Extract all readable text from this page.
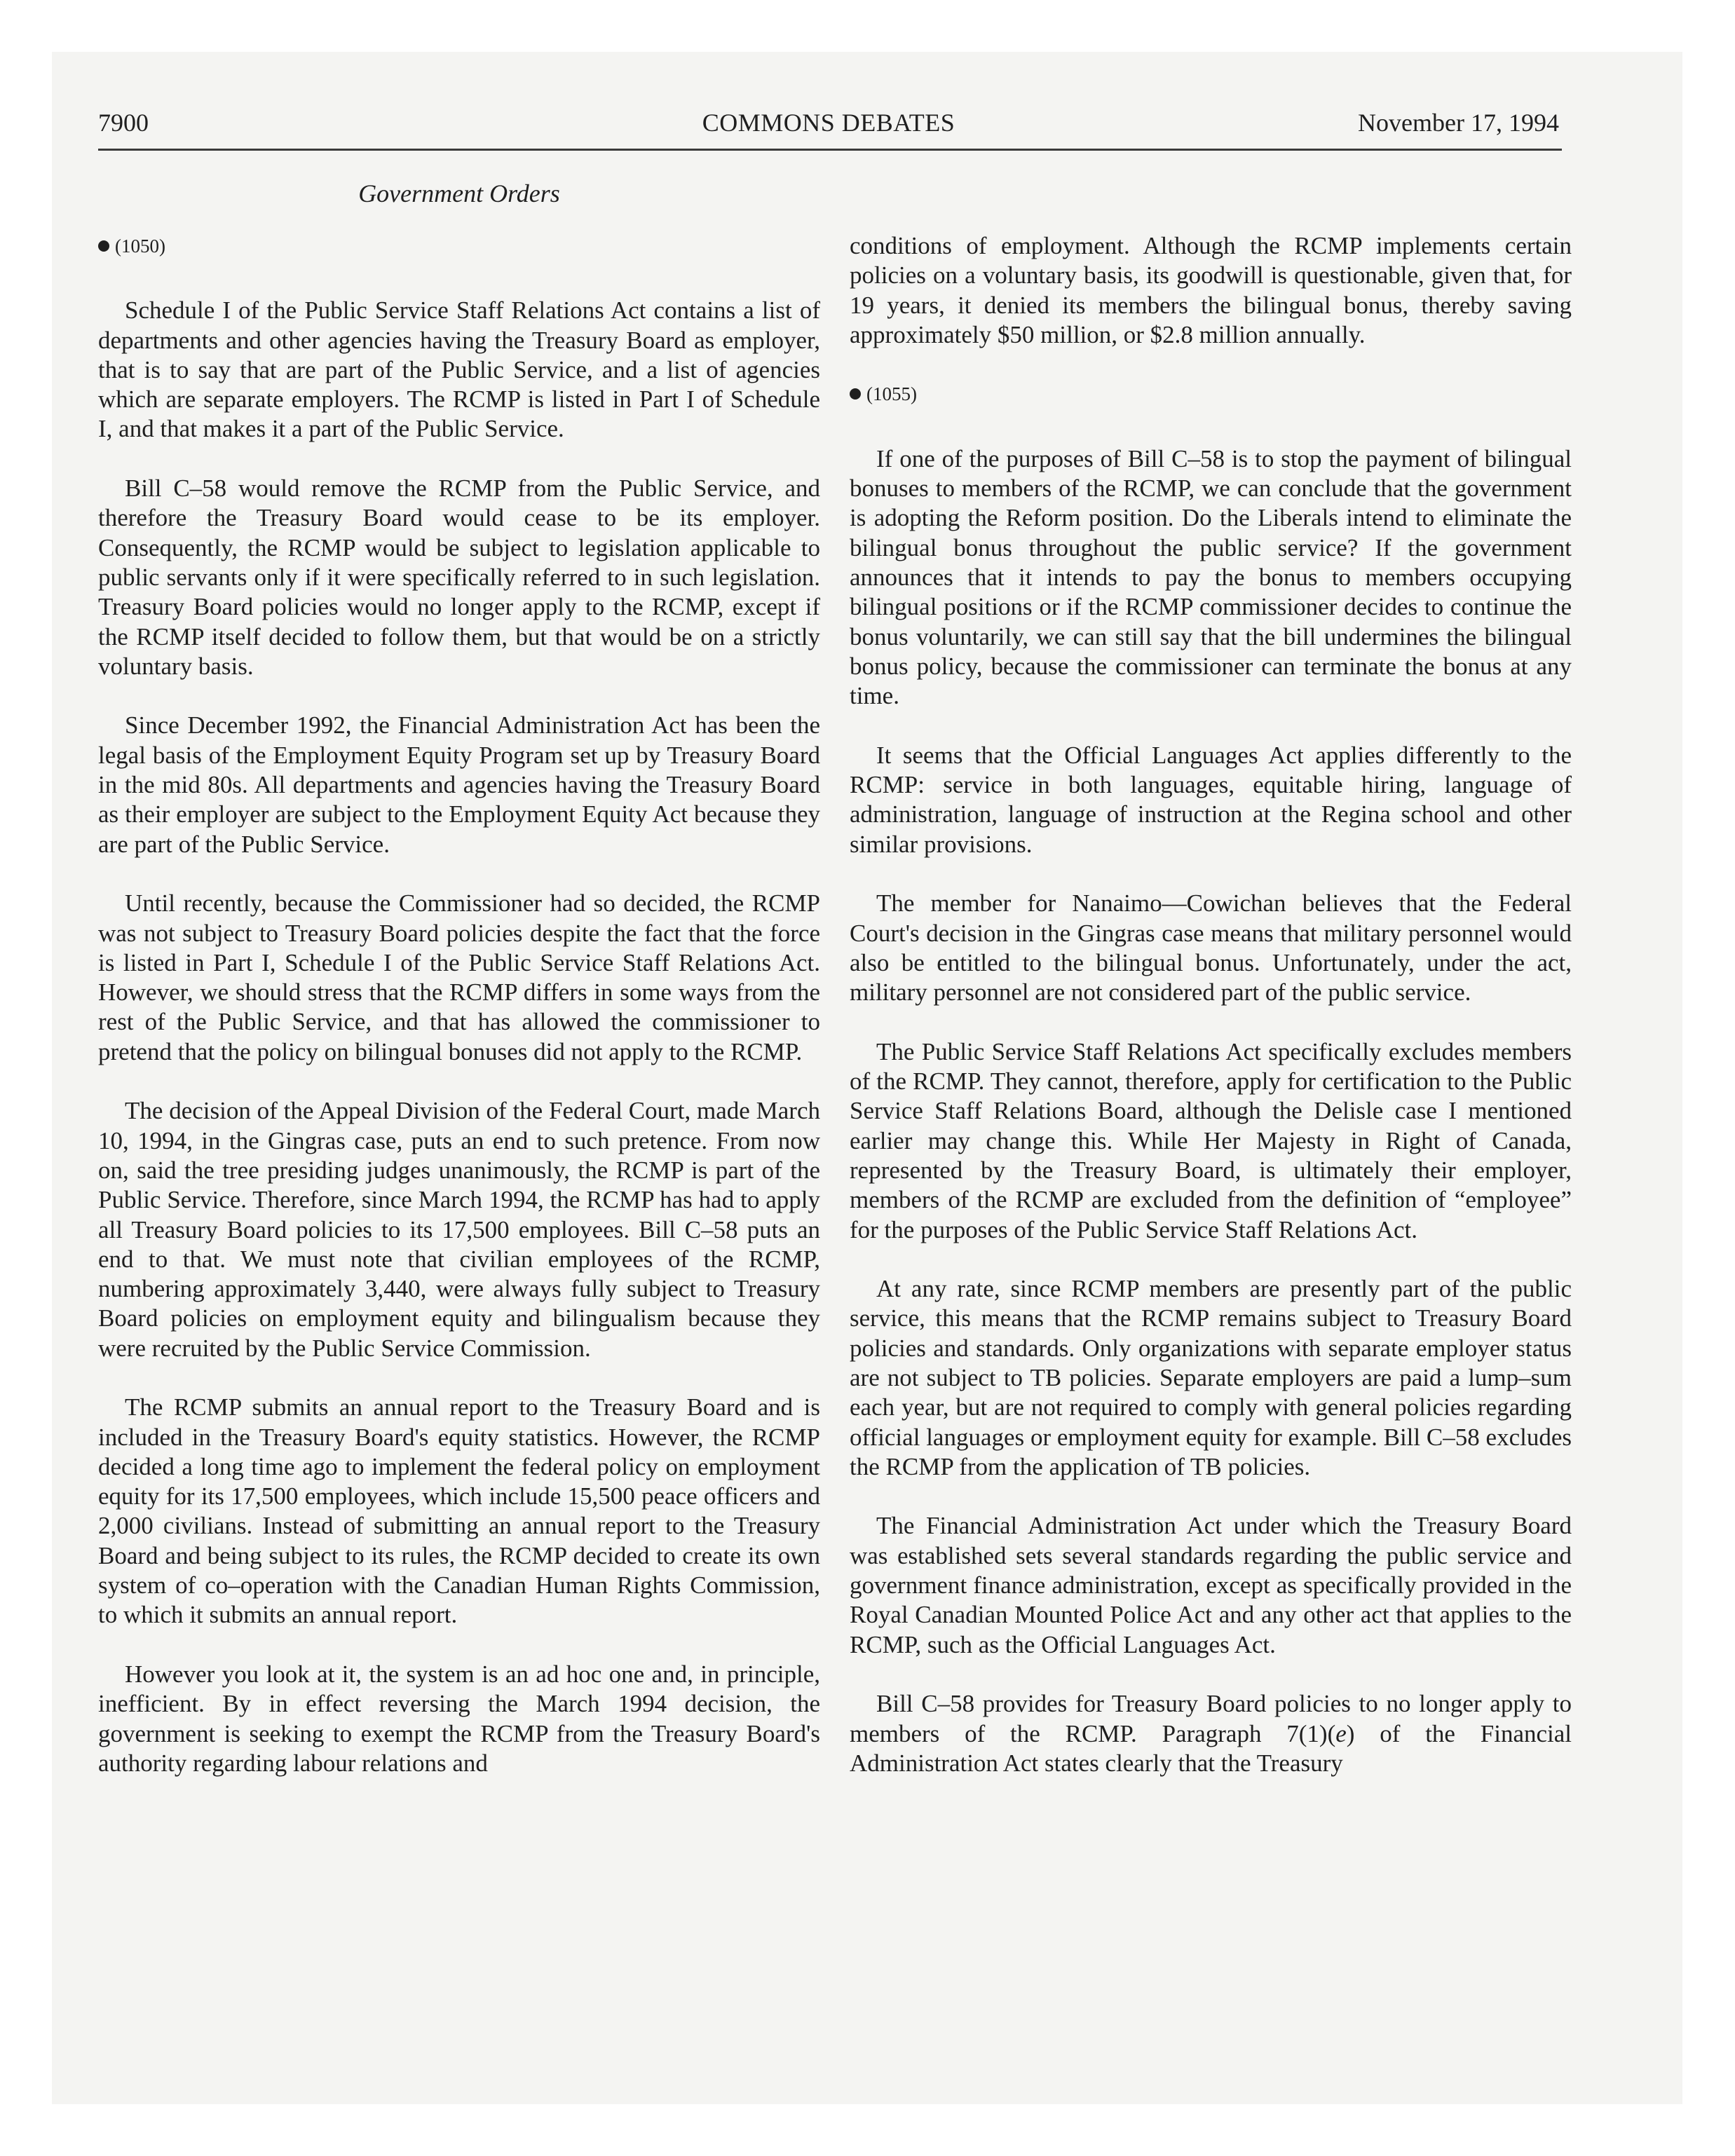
7900	COMMONS DEBATES	November 17, 1994
Government Orders
(1050)

Schedule I of the Public Service Staff Relations Act contains a list of departments and other agencies having the Treasury Board as employer, that is to say that are part of the Public Service, and a list of agencies which are separate employers. The RCMP is listed in Part I of Schedule I, and that makes it a part of the Public Service.

Bill C–58 would remove the RCMP from the Public Service, and therefore the Treasury Board would cease to be its employer. Consequently, the RCMP would be subject to legislation applicable to public servants only if it were specifically referred to in such legislation. Treasury Board policies would no longer apply to the RCMP, except if the RCMP itself decided to follow them, but that would be on a strictly voluntary basis.

Since December 1992, the Financial Administration Act has been the legal basis of the Employment Equity Program set up by Treasury Board in the mid 80s. All departments and agencies having the Treasury Board as their employer are subject to the Employment Equity Act because they are part of the Public Service.

Until recently, because the Commissioner had so decided, the RCMP was not subject to Treasury Board policies despite the fact that the force is listed in Part I, Schedule I of the Public Service Staff Relations Act. However, we should stress that the RCMP differs in some ways from the rest of the Public Service, and that has allowed the commissioner to pretend that the policy on bilingual bonuses did not apply to the RCMP.

The decision of the Appeal Division of the Federal Court, made March 10, 1994, in the Gingras case, puts an end to such pretence. From now on, said the tree presiding judges unanimously, the RCMP is part of the Public Service. Therefore, since March 1994, the RCMP has had to apply all Treasury Board policies to its 17,500 employees. Bill C–58 puts an end to that. We must note that civilian employees of the RCMP, numbering approximately 3,440, were always fully subject to Treasury Board policies on employment equity and bilingualism because they were recruited by the Public Service Commission.

The RCMP submits an annual report to the Treasury Board and is included in the Treasury Board's equity statistics. However, the RCMP decided a long time ago to implement the federal policy on employment equity for its 17,500 employees, which include 15,500 peace officers and 2,000 civilians. Instead of submitting an annual report to the Treasury Board and being subject to its rules, the RCMP decided to create its own system of co–operation with the Canadian Human Rights Commission, to which it submits an annual report.

However you look at it, the system is an ad hoc one and, in principle, inefficient. By in effect reversing the March 1994 decision, the government is seeking to exempt the RCMP from the Treasury Board's authority regarding labour relations and

conditions of employment. Although the RCMP implements certain policies on a voluntary basis, its goodwill is questionable, given that, for 19 years, it denied its members the bilingual bonus, thereby saving approximately $50 million, or $2.8 million annually.

(1055)

If one of the purposes of Bill C–58 is to stop the payment of bilingual bonuses to members of the RCMP, we can conclude that the government is adopting the Reform position. Do the Liberals intend to eliminate the bilingual bonus throughout the public service? If the government announces that it intends to pay the bonus to members occupying bilingual positions or if the RCMP commissioner decides to continue the bonus voluntarily, we can still say that the bill undermines the bilingual bonus policy, because the commissioner can terminate the bonus at any time.

It seems that the Official Languages Act applies differently to the RCMP: service in both languages, equitable hiring, language of administration, language of instruction at the Regina school and other similar provisions.

The member for Nanaimo—Cowichan believes that the Federal Court's decision in the Gingras case means that military personnel would also be entitled to the bilingual bonus. Unfortunately, under the act, military personnel are not considered part of the public service.

The Public Service Staff Relations Act specifically excludes members of the RCMP. They cannot, therefore, apply for certification to the Public Service Staff Relations Board, although the Delisle case I mentioned earlier may change this. While Her Majesty in Right of Canada, represented by the Treasury Board, is ultimately their employer, members of the RCMP are excluded from the definition of “employee” for the purposes of the Public Service Staff Relations Act.

At any rate, since RCMP members are presently part of the public service, this means that the RCMP remains subject to Treasury Board policies and standards. Only organizations with separate employer status are not subject to TB policies. Separate employers are paid a lump–sum each year, but are not required to comply with general policies regarding official languages or employment equity for example. Bill C–58 excludes the RCMP from the application of TB policies.

The Financial Administration Act under which the Treasury Board was established sets several standards regarding the public service and government finance administration, except as specifically provided in the Royal Canadian Mounted Police Act and any other act that applies to the RCMP, such as the Official Languages Act.

Bill C–58 provides for Treasury Board policies to no longer apply to members of the RCMP. Paragraph 7(1)(e) of the Financial Administration Act states clearly that the Treasury
